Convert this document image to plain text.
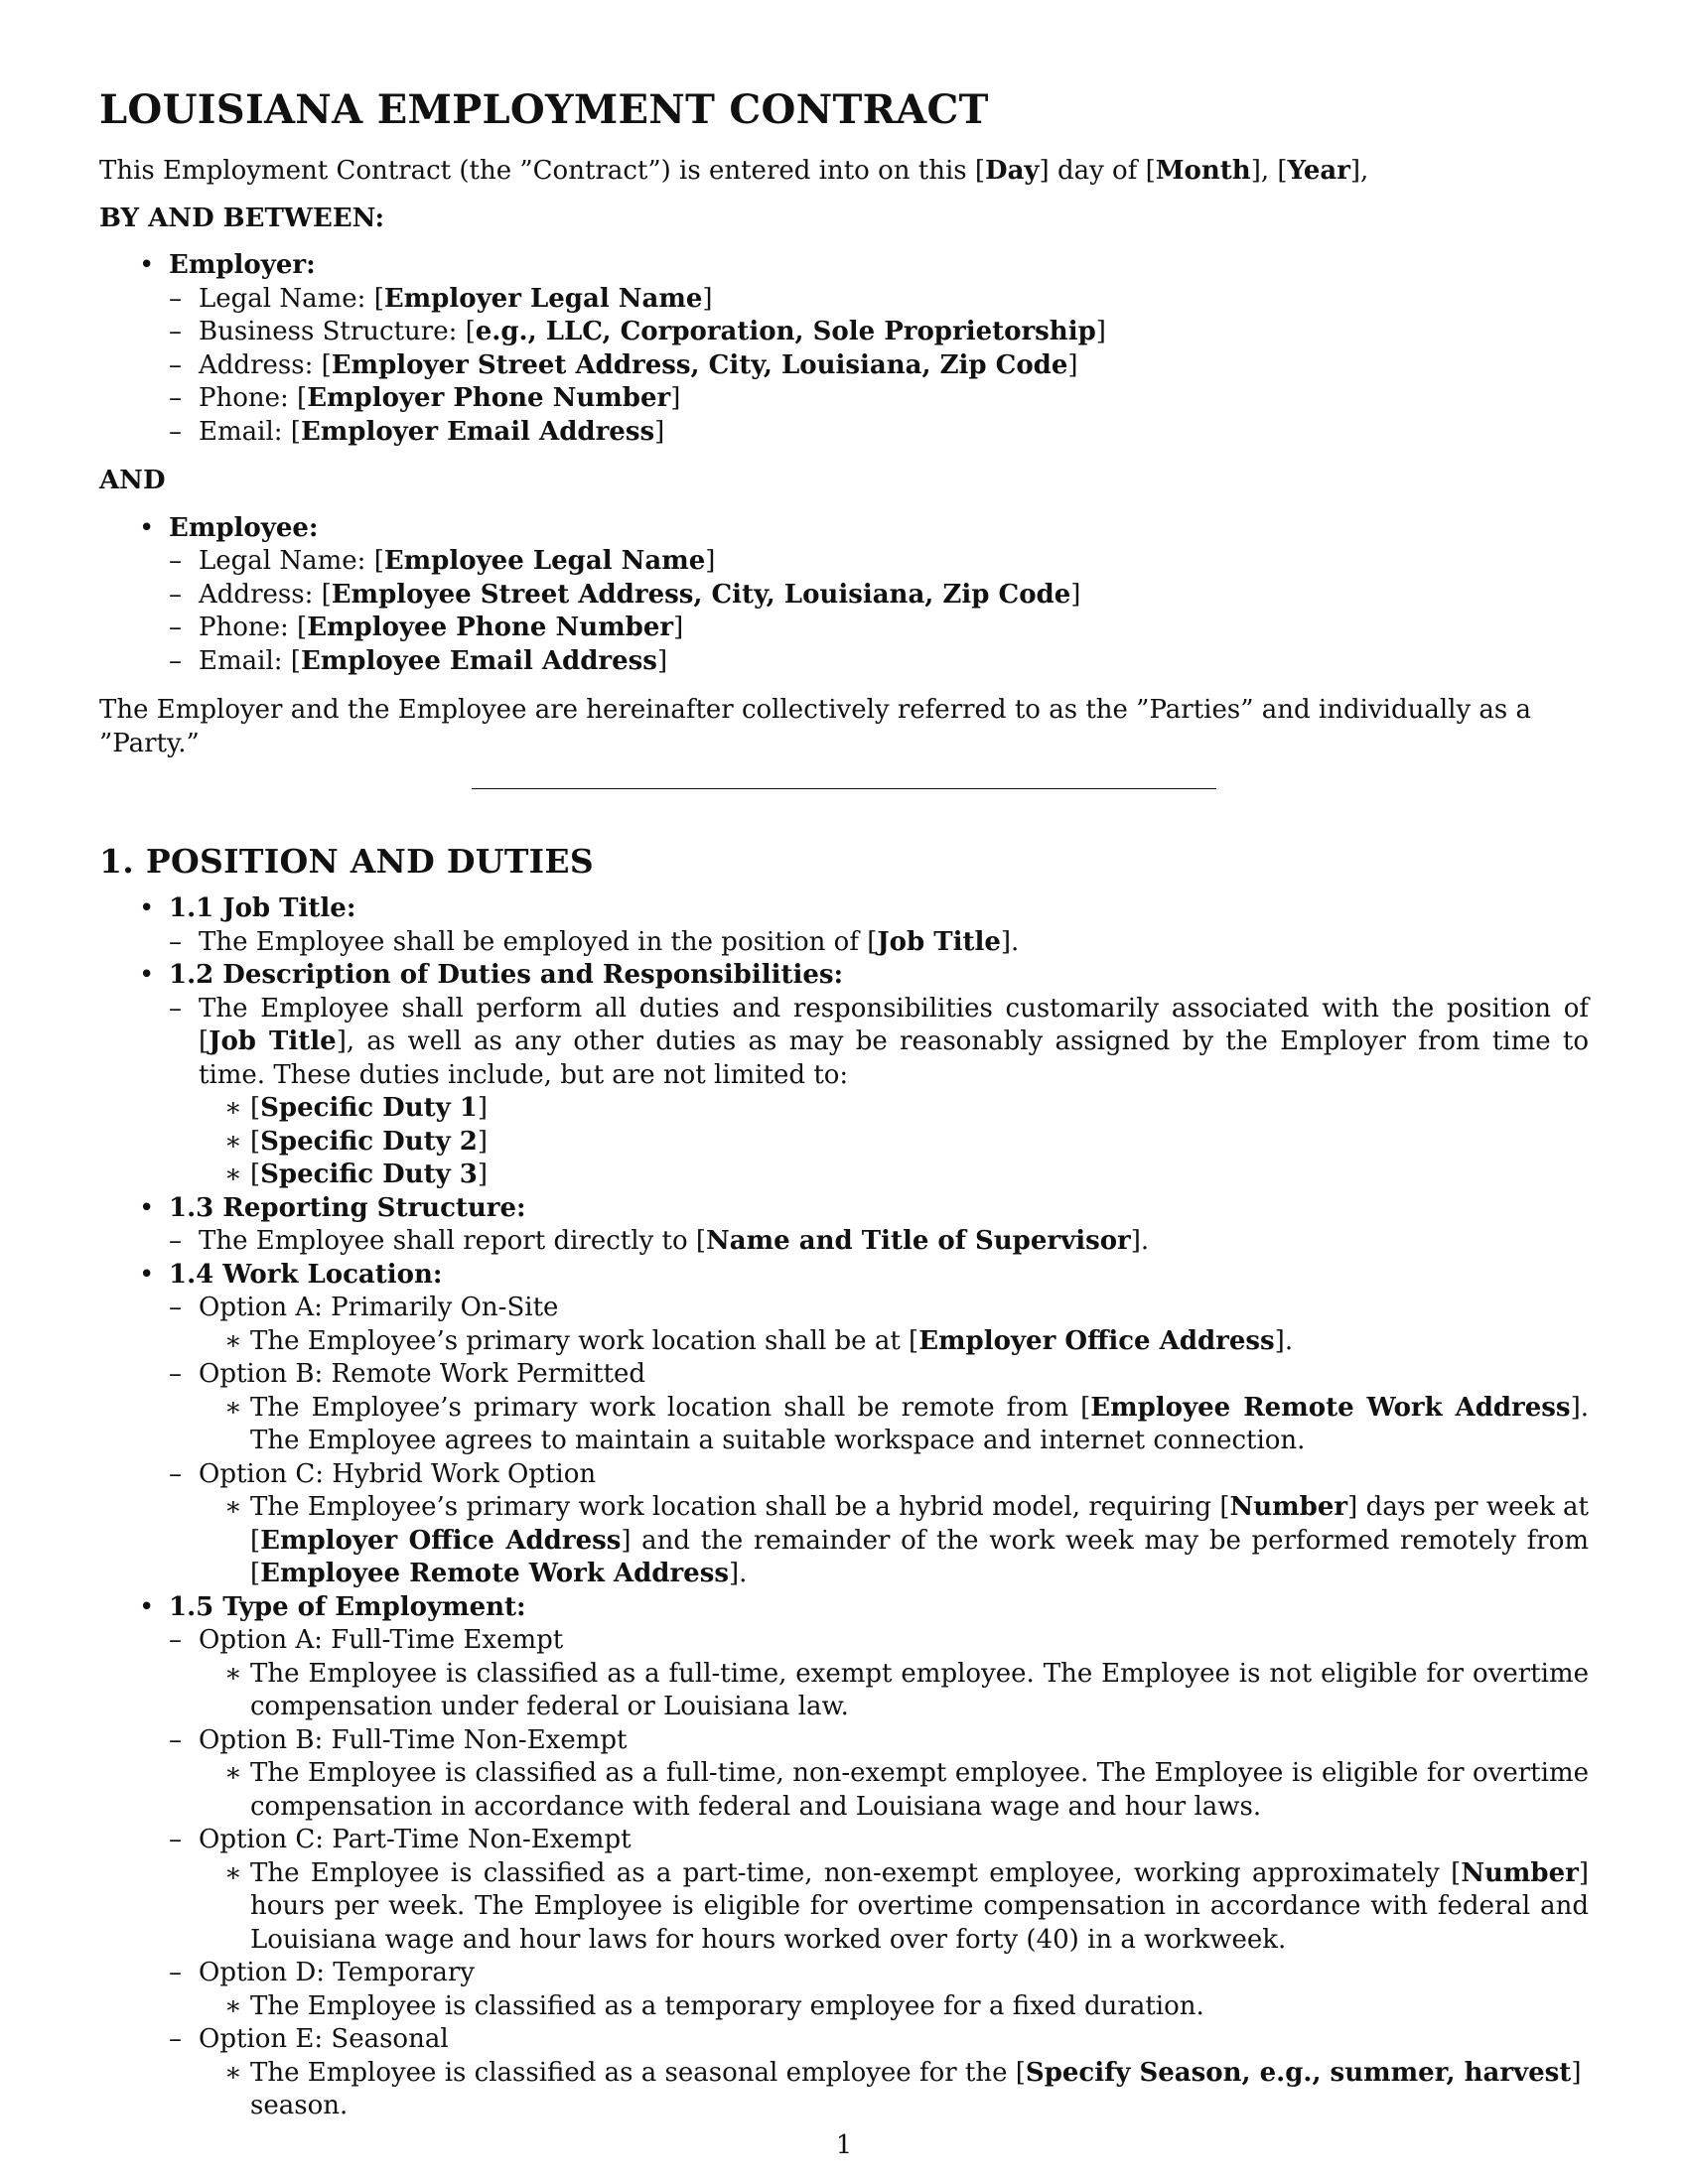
LOUISIANA EMPLOYMENT CONTRACT

This Employment Contract (the ”Contract”) is entered into on this [Day] day of [Month], [Year],

BY AND BETWEEN:

• Employer:
– Legal Name: [Employer Legal Name]
– Business Structure: [e.g., LLC, Corporation, Sole Proprietorship]
– Address: [Employer Street Address, City, Louisiana, Zip Code]
– Phone: [Employer Phone Number]
– Email: [Employer Email Address]

AND

• Employee:
– Legal Name: [Employee Legal Name]
– Address: [Employee Street Address, City, Louisiana, Zip Code]
– Phone: [Employee Phone Number]
– Email: [Employee Email Address]

The Employer and the Employee are hereinafter collectively referred to as the ”Parties” and individually as a ”Party.”

1. POSITION AND DUTIES
• 1.1 Job Title:
– The Employee shall be employed in the position of [Job Title].
• 1.2 Description of Duties and Responsibilities:
– The Employee shall perform all duties and responsibilities customarily associated with the position of [Job Title], as well as any other duties as may be reasonably assigned by the Employer from time to time. These duties include, but are not limited to:
∗ [Specific Duty 1]
∗ [Specific Duty 2]
∗ [Specific Duty 3]
• 1.3 Reporting Structure:
– The Employee shall report directly to [Name and Title of Supervisor].
• 1.4 Work Location:
– Option A: Primarily On-Site
∗ The Employee’s primary work location shall be at [Employer Office Address].
– Option B: Remote Work Permitted
∗ The Employee’s primary work location shall be remote from [Employee Remote Work Address]. The Employee agrees to maintain a suitable workspace and internet connection.
– Option C: Hybrid Work Option
∗ The Employee’s primary work location shall be a hybrid model, requiring [Number] days per week at [Employer Office Address] and the remainder of the work week may be performed remotely from [Employee Remote Work Address].
• 1.5 Type of Employment:
– Option A: Full-Time Exempt
∗ The Employee is classified as a full-time, exempt employee. The Employee is not eligible for overtime compensation under federal or Louisiana law.
– Option B: Full-Time Non-Exempt
∗ The Employee is classified as a full-time, non-exempt employee. The Employee is eligible for overtime compensation in accordance with federal and Louisiana wage and hour laws.
– Option C: Part-Time Non-Exempt
∗ The Employee is classified as a part-time, non-exempt employee, working approximately [Number] hours per week. The Employee is eligible for overtime compensation in accordance with federal and Louisiana wage and hour laws for hours worked over forty (40) in a workweek.
– Option D: Temporary
∗ The Employee is classified as a temporary employee for a fixed duration.
– Option E: Seasonal
∗ The Employee is classified as a seasonal employee for the [Specify Season, e.g., summer, harvest] season.
1
